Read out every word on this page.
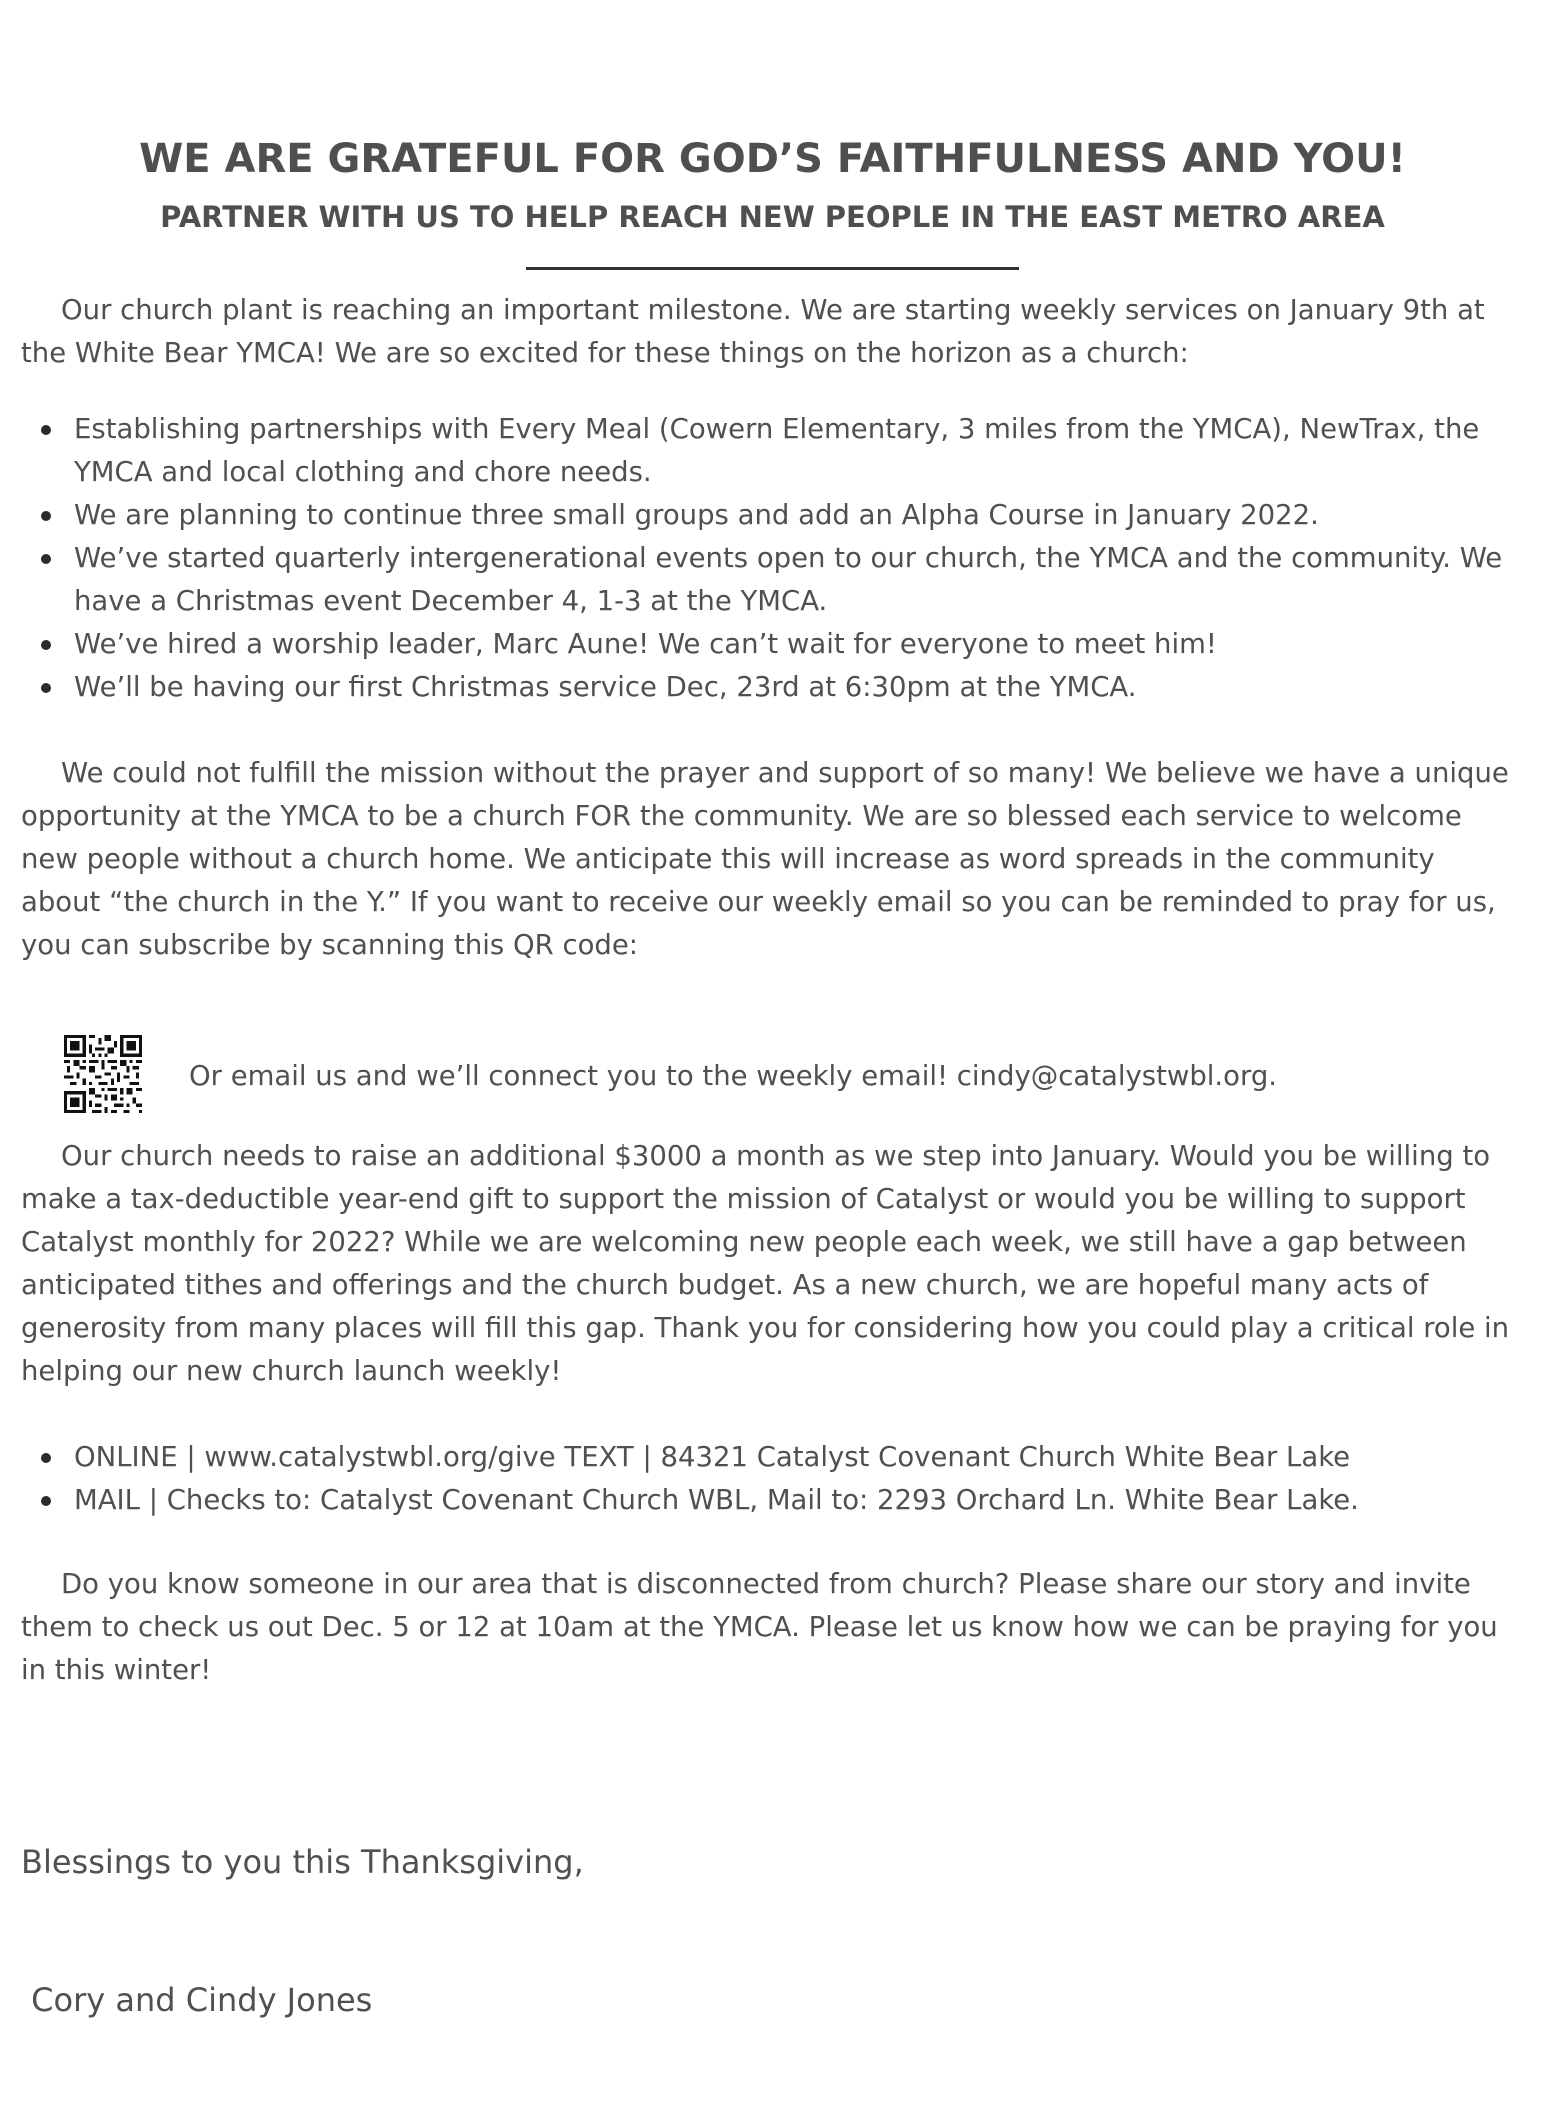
WE ARE GRATEFUL FOR GOD’S FAITHFULNESS AND YOU!
PARTNER WITH US TO HELP REACH NEW PEOPLE IN THE EAST METRO AREA

Our church plant is reaching an important milestone. We are starting weekly services on January 9th at the White Bear YMCA! We are so excited for these things on the horizon as a church:

Establishing partnerships with Every Meal (Cowern Elementary, 3 miles from the YMCA), NewTrax, the YMCA and local clothing and chore needs.
We are planning to continue three small groups and add an Alpha Course in January 2022.
We’ve started quarterly intergenerational events open to our church, the YMCA and the community. We have a Christmas event December 4, 1-3 at the YMCA.
We’ve hired a worship leader, Marc Aune! We can’t wait for everyone to meet him!
We’ll be having our first Christmas service Dec, 23rd at 6:30pm at the YMCA.

We could not fulfill the mission without the prayer and support of so many! We believe we have a unique opportunity at the YMCA to be a church FOR the community. We are so blessed each service to welcome new people without a church home. We anticipate this will increase as word spreads in the community about “the church in the Y.” If you want to receive our weekly email so you can be reminded to pray for us, you can subscribe by scanning this QR code:

Or email us and we’ll connect you to the weekly email! cindy@catalystwbl.org.

Our church needs to raise an additional $3000 a month as we step into January. Would you be willing to make a tax-deductible year-end gift to support the mission of Catalyst or would you be willing to support Catalyst monthly for 2022? While we are welcoming new people each week, we still have a gap between anticipated tithes and offerings and the church budget. As a new church, we are hopeful many acts of generosity from many places will fill this gap. Thank you for considering how you could play a critical role in helping our new church launch weekly!

ONLINE | www.catalystwbl.org/give TEXT | 84321 Catalyst Covenant Church White Bear Lake
MAIL | Checks to: Catalyst Covenant Church WBL, Mail to: 2293 Orchard Ln. White Bear Lake.

Do you know someone in our area that is disconnected from church? Please share our story and invite them to check us out Dec. 5 or 12 at 10am at the YMCA. Please let us know how we can be praying for you in this winter!

Blessings to you this Thanksgiving,

Cory and Cindy Jones
